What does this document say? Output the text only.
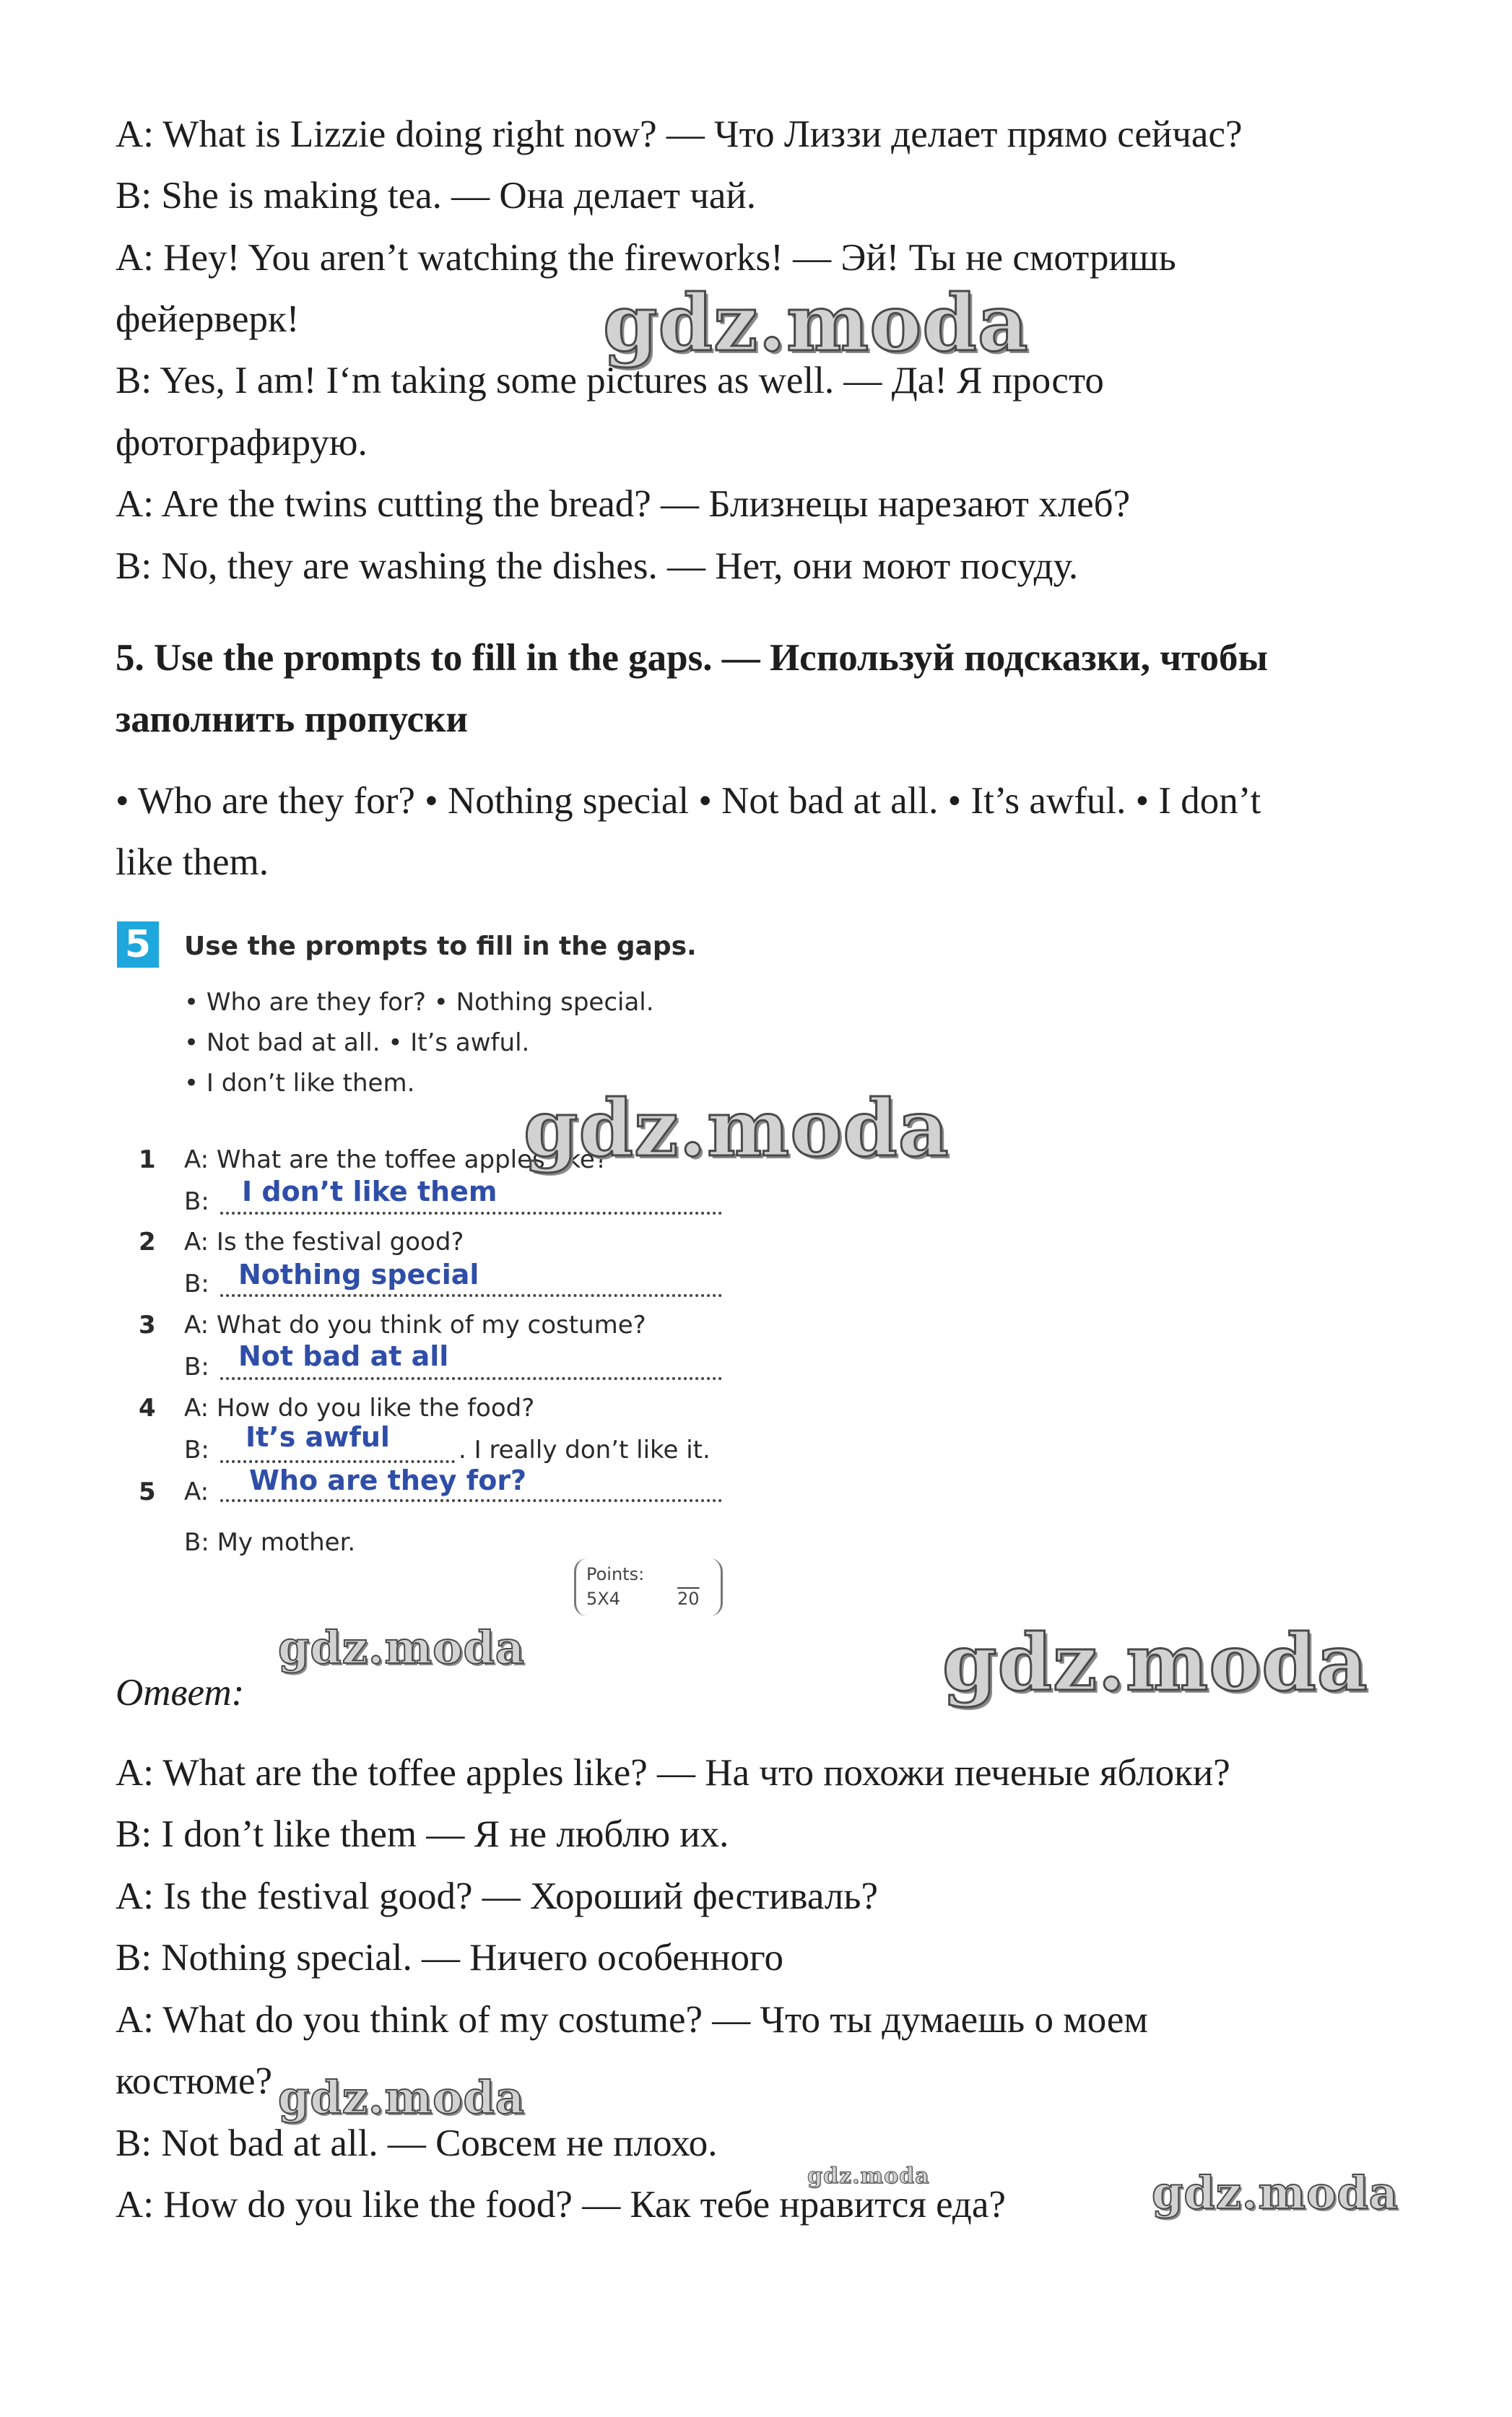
A: What is Lizzie doing right now? — Что Лиззи делает прямо сейчас?
B: She is making tea. — Она делает чай.
A: Hey! You aren’t watching the fireworks! — Эй! Ты не смотришь
фейерверк!
B: Yes, I am! I‘m taking some pictures as well. — Да! Я просто
фотографирую.
A: Are the twins cutting the bread? — Близнецы нарезают хлеб?
B: No, they are washing the dishes. — Нет, они моют посуду.
5. Use the prompts to fill in the gaps. — Используй подсказки, чтобы
заполнить пропуски
• Who are they for? • Nothing special • Not bad at all. • It’s awful. • I don’t
like them.
5	Use the prompts to fill in the gaps.
• Who are they for? • Nothing special.
• Not bad at all. • It’s awful.
• I don’t like them.
1 A: What are the toffee apples like?
B: I don’t like them
2 A: Is the festival good?
B: Nothing special
3 A: What do you think of my costume?
B: Not bad at all
4 A: How do you like the food?
B:	. I really don’t like it.
It’s awful
5 A: Who are they for?
B: My mother.
Points:
5X4	20
Ответ:
A: What are the toffee apples like? — На что похожи печеные яблоки?
B: I don’t like them — Я не люблю их.
A: Is the festival good? — Хороший фестиваль?
B: Nothing special. — Ничего особенного
A: What do you think of my costume? — Что ты думаешь о моем
костюме?
B: Not bad at all. — Совсем не плохо.
A: How do you like the food? — Как тебе нравится еда?
gdz.moda
gdz.moda
gdz.moda	gdz.moda
gdz.moda
gdz.moda	gdz.moda
